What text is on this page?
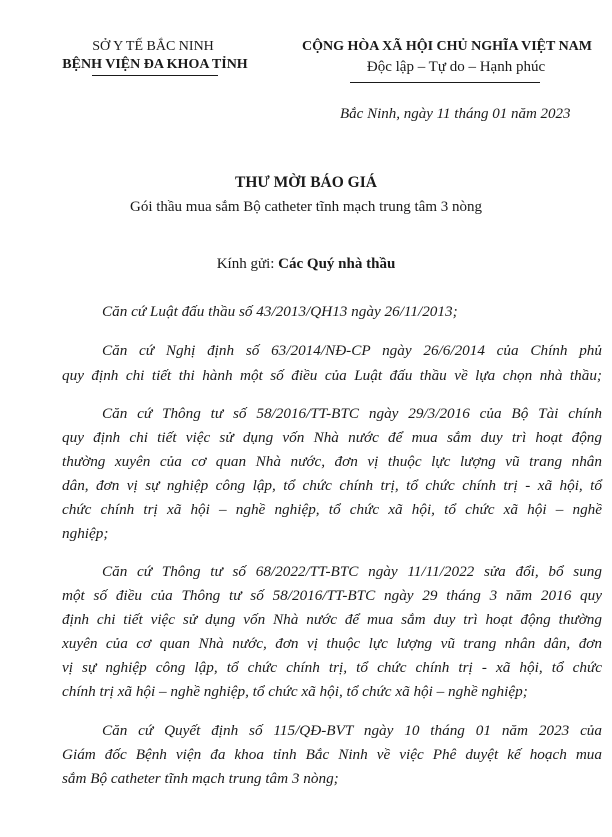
SỞ Y TẾ BẮC NINH
BỆNH VIỆN ĐA KHOA TỈNH
CỘNG HÒA XÃ HỘI CHỦ NGHĨA VIỆT NAM
Độc lập – Tự do – Hạnh phúc
Bắc Ninh, ngày 11 tháng 01 năm 2023
THƯ MỜI BÁO GIÁ
Gói thầu mua sắm Bộ catheter tĩnh mạch trung tâm 3 nòng
Kính gửi: Các Quý nhà thầu
Căn cứ Luật đấu thầu số 43/2013/QH13 ngày 26/11/2013;
Căn cứ Nghị định số 63/2014/NĐ-CP ngày 26/6/2014 của Chính phủ
quy định chi tiết thi hành một số điều của Luật đấu thầu về lựa chọn nhà thầu;
Căn cứ Thông tư số 58/2016/TT-BTC ngày 29/3/2016 của Bộ Tài chính
quy định chi tiết việc sử dụng vốn Nhà nước để mua sắm duy trì hoạt động
thường xuyên của cơ quan Nhà nước, đơn vị thuộc lực lượng vũ trang nhân
dân, đơn vị sự nghiệp công lập, tổ chức chính trị, tổ chức chính trị - xã hội, tổ
chức chính trị xã hội – nghề nghiệp, tổ chức xã hội, tổ chức xã hội – nghề
nghiệp;
Căn cứ Thông tư số 68/2022/TT-BTC ngày 11/11/2022 sửa đổi, bổ sung
một số điều của Thông tư số 58/2016/TT-BTC ngày 29 tháng 3 năm 2016 quy
định chi tiết việc sử dụng vốn Nhà nước để mua sắm duy trì hoạt động thường
xuyên của cơ quan Nhà nước, đơn vị thuộc lực lượng vũ trang nhân dân, đơn
vị sự nghiệp công lập, tổ chức chính trị, tổ chức chính trị - xã hội, tổ chức
chính trị xã hội – nghề nghiệp, tổ chức xã hội, tổ chức xã hội – nghề nghiệp;
Căn cứ Quyết định số 115/QĐ-BVT ngày 10 tháng 01 năm 2023 của
Giám đốc Bệnh viện đa khoa tỉnh Bắc Ninh về việc Phê duyệt kế hoạch mua
sắm Bộ catheter tĩnh mạch trung tâm 3 nòng;
